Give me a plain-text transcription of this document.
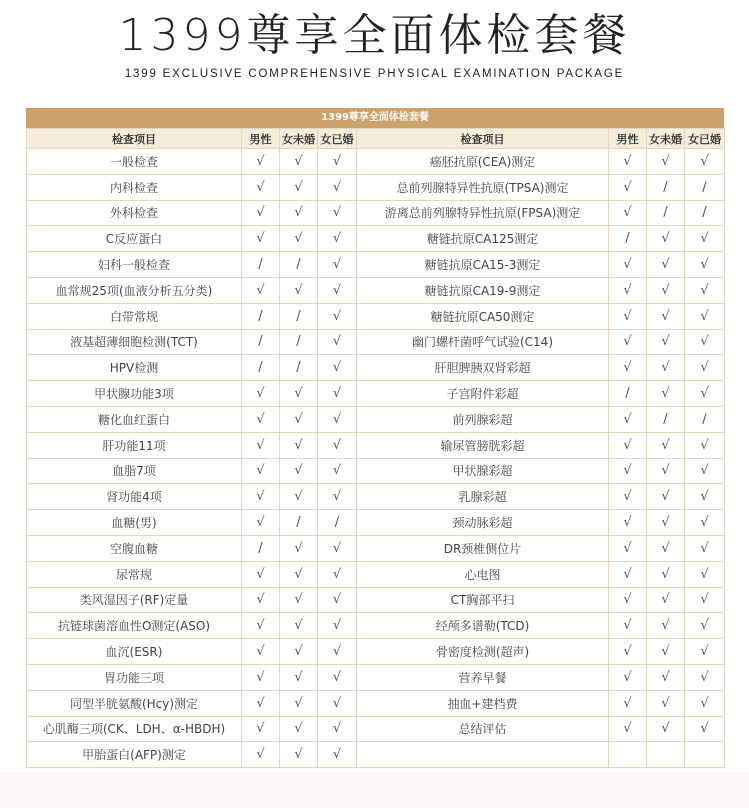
1399尊享全面体检套餐
1399 EXCLUSIVE COMPREHENSIVE PHYSICAL EXAMINATION PACKAGE
1399尊享全面体检套餐
检查项目	男性	女未婚	女已婚	检查项目	男性	女未婚	女已婚
一般检查	√	√	√	癌胚抗原(CEA)测定	√	√	√
内科检查	√	√	√	总前列腺特异性抗原(TPSA)测定	√	/	/
外科检查	√	√	√	游离总前列腺特异性抗原(FPSA)测定	√	/	/
C反应蛋白	√	√	√	糖链抗原CA125测定	/	√	√
妇科一般检查	/	/	√	糖链抗原CA15-3测定	√	√	√
血常规25项(血液分析五分类)	√	√	√	糖链抗原CA19-9测定	√	√	√
白带常规	/	/	√	糖链抗原CA50测定	√	√	√
液基超薄细胞检测(TCT)	/	/	√	幽门螺杆菌呼气试验(C14)	√	√	√
HPV检测	/	/	√	肝胆脾胰双肾彩超	√	√	√
甲状腺功能3项	√	√	√	子宫附件彩超	/	√	√
糖化血红蛋白	√	√	√	前列腺彩超	√	/	/
肝功能11项	√	√	√	输尿管膀胱彩超	√	√	√
血脂7项	√	√	√	甲状腺彩超	√	√	√
肾功能4项	√	√	√	乳腺彩超	√	√	√
血糖(男)	√	/	/	颈动脉彩超	√	√	√
空腹血糖	/	√	√	DR颈椎侧位片	√	√	√
尿常规	√	√	√	心电图	√	√	√
类风湿因子(RF)定量	√	√	√	CT胸部平扫	√	√	√
抗链球菌溶血性O测定(ASO)	√	√	√	经颅多谱勒(TCD)	√	√	√
血沉(ESR)	√	√	√	骨密度检测(超声)	√	√	√
胃功能三项	√	√	√	营养早餐	√	√	√
同型半胱氨酸(Hcy)测定	√	√	√	抽血+建档费	√	√	√
心肌酶三项(CK、LDH、α-HBDH)	√	√	√	总结评估	√	√	√
甲胎蛋白(AFP)测定	√	√	√				
